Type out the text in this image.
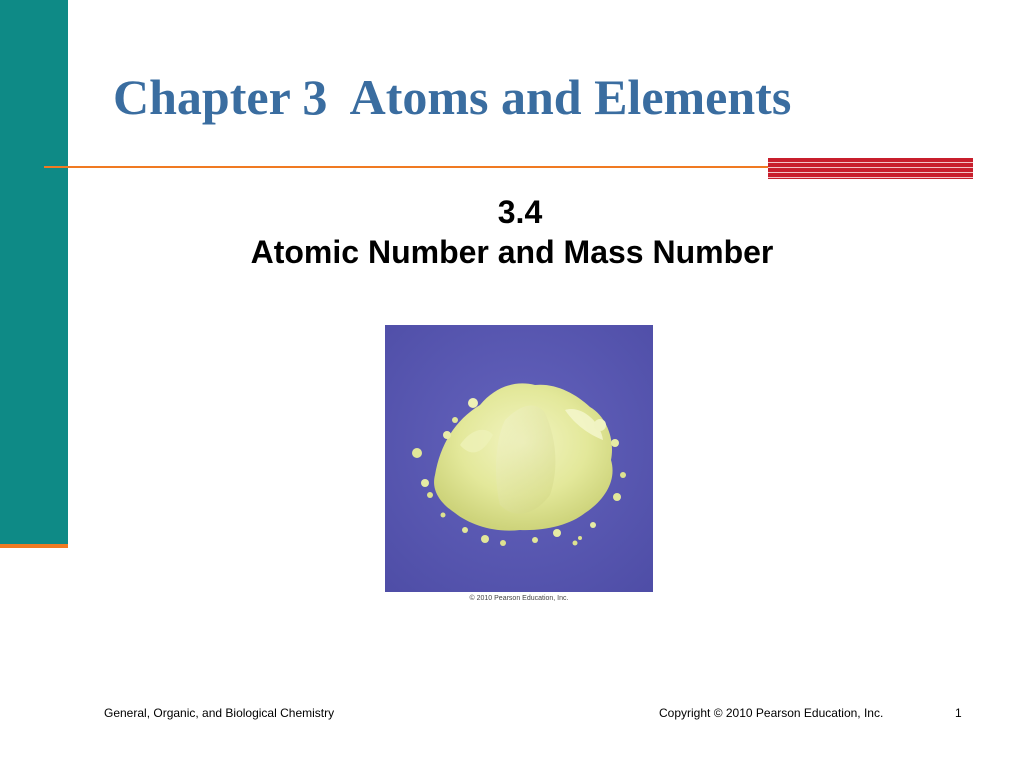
Chapter 3  Atoms and Elements
3.4
Atomic Number and Mass Number
© 2010 Pearson Education, Inc.
General, Organic, and Biological Chemistry	Copyright © 2010 Pearson Education, Inc.	1
